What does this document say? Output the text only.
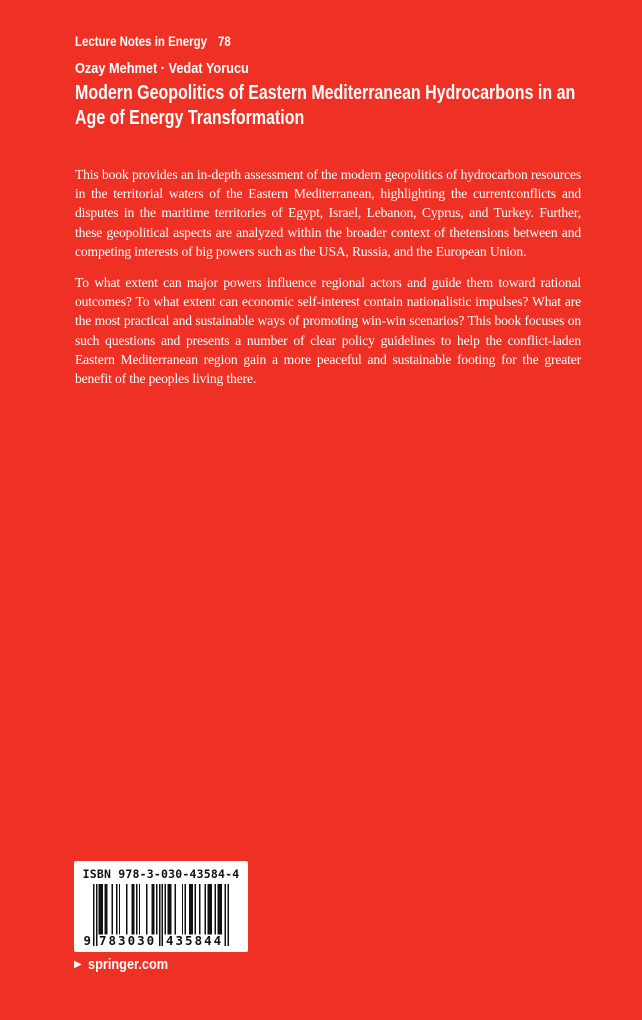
Lecture Notes in Energy 78
Ozay Mehmet · Vedat Yorucu
Modern Geopolitics of Eastern Mediterranean Hydrocarbons in an
Age of Energy Transformation

This book provides an in-depth assessment of the modern geopolitics of hydrocarbon resources in the territorial waters of the Eastern Mediterranean, highlighting the currentconflicts and disputes in the maritime territories of Egypt, Israel, Lebanon, Cyprus, and Turkey. Further, these geopolitical aspects are analyzed within the broader context of thetensions between and competing interests of big powers such as the USA, Russia, and the European Union.

To what extent can major powers influence regional actors and guide them toward rational outcomes? To what extent can economic self-interest contain nationalistic impulses? What are the most practical and sustainable ways of promoting win-win scenarios? This book focuses on such questions and presents a number of clear policy guidelines to help the conflict-laden Eastern Mediterranean region gain a more peaceful and sustainable footing for the greater benefit of the peoples living there.

ISBN 978-3-030-43584-4
9 783030 435844
▶ springer.com
